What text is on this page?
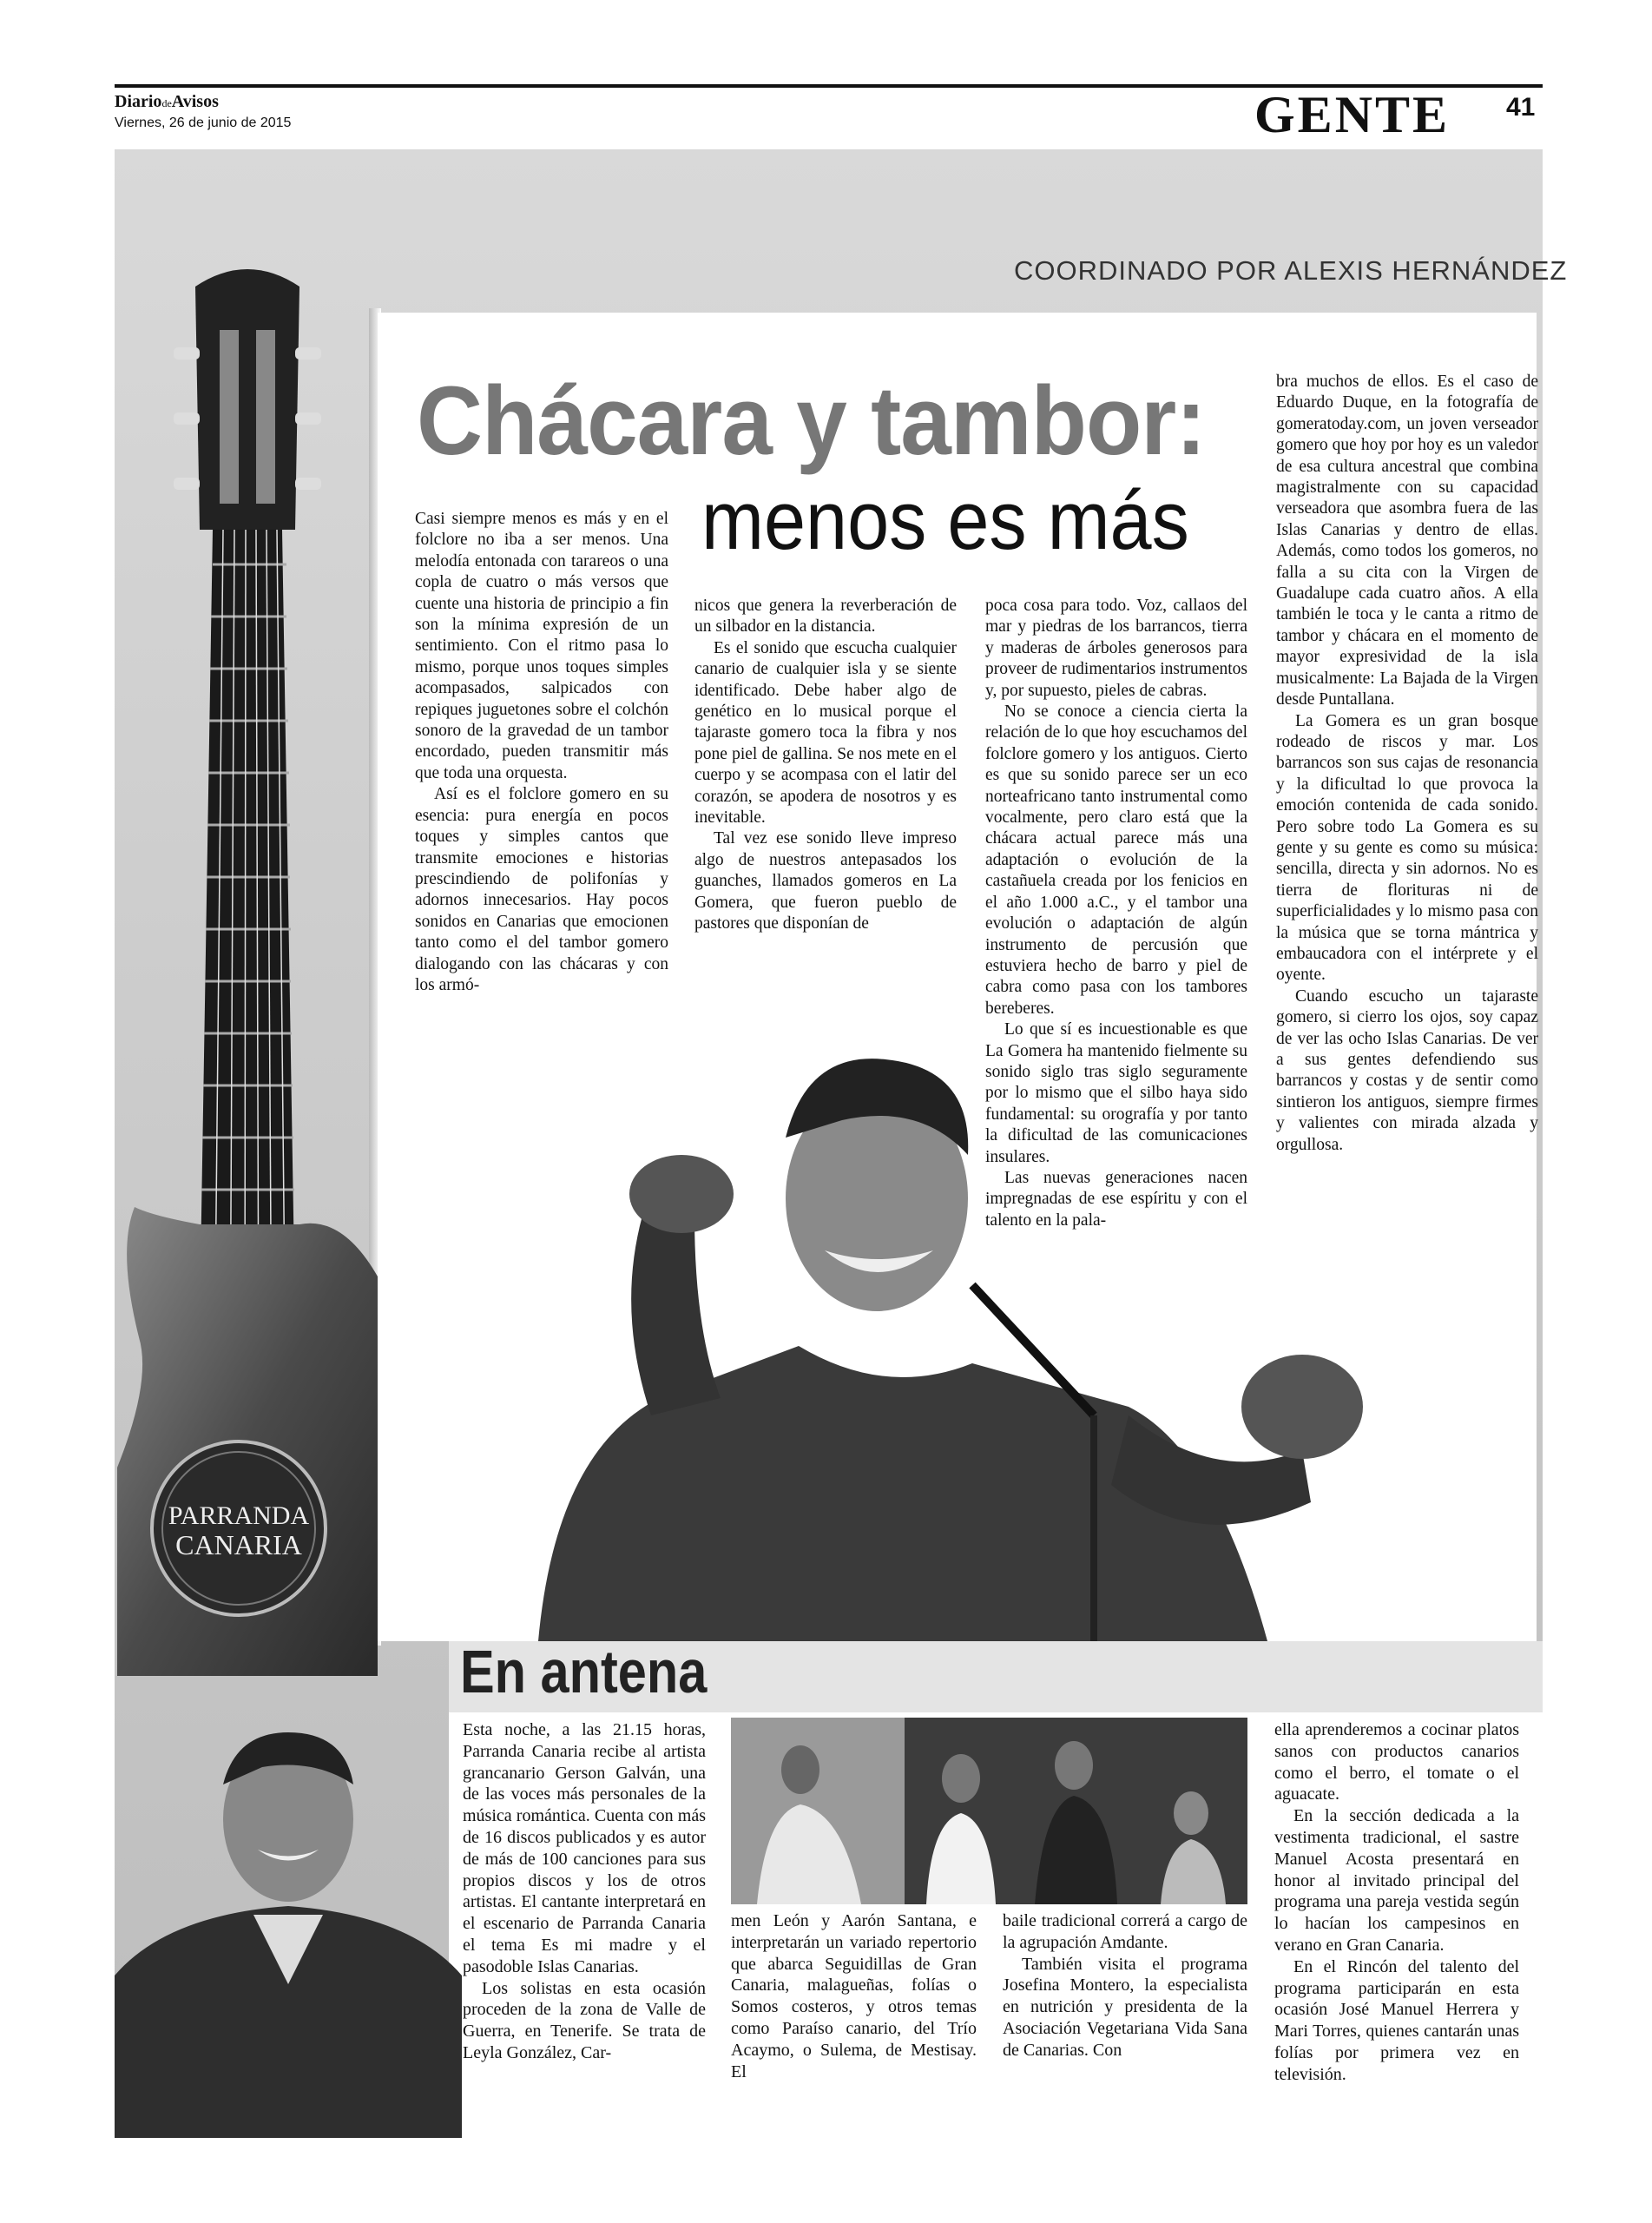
DiariodeAvisos
Viernes, 26 de junio de 2015	GENTE 41
COORDINADO POR ALEXIS HERNÁNDEZ
PARRANDA
CANARIA
Chácara y tambor:
menos es más

Casi siempre menos es más y en el folclore no iba a ser menos. Una melodía entonada con tarareos o una copla de cuatro o más versos que cuente una historia de principio a fin son la mínima expresión de un sentimiento. Con el ritmo pasa lo mismo, porque unos toques simples acompasados, salpicados con repiques juguetones sobre el colchón sonoro de la gravedad de un tambor encordado, pueden transmitir más que toda una orquesta.

Así es el folclore gomero en su esencia: pura energía en pocos toques y simples cantos que transmite emociones e historias prescindiendo de polifonías y adornos innecesarios. Hay pocos sonidos en Canarias que emocionen tanto como el del tambor gomero dialogando con las chácaras y con los armó-

nicos que genera la reverberación de un silbador en la distancia.

Es el sonido que escucha cualquier canario de cualquier isla y se siente identificado. Debe haber algo de genético en lo musical porque el tajaraste gomero toca la fibra y nos pone piel de gallina. Se nos mete en el cuerpo y se acompasa con el latir del corazón, se apodera de nosotros y es inevitable.

Tal vez ese sonido lleve impreso algo de nuestros antepasados los guanches, llamados gomeros en La Gomera, que fueron pueblo de pastores que disponían de

poca cosa para todo. Voz, callaos del mar y piedras de los barrancos, tierra y maderas de árboles generosos para proveer de rudimentarios instrumentos y, por supuesto, pieles de cabras.

No se conoce a ciencia cierta la relación de lo que hoy escuchamos del folclore gomero y los antiguos. Cierto es que su sonido parece ser un eco norteafricano tanto instrumental como vocalmente, pero claro está que la chácara actual parece más una adaptación o evolución de la castañuela creada por los fenicios en el año 1.000 a.C., y el tambor una evolución o adaptación de algún instrumento de percusión que estuviera hecho de barro y piel de cabra como pasa con los tambores bereberes.

Lo que sí es incuestionable es que La Gomera ha mantenido fielmente su sonido siglo tras siglo seguramente por lo mismo que el silbo haya sido fundamental: su orografía y por tanto la dificultad de las comunicaciones insulares.

Las nuevas generaciones nacen impregnadas de ese espíritu y con el talento en la pala-

bra muchos de ellos. Es el caso de Eduardo Duque, en la fotografía de gomeratoday.com, un joven verseador gomero que hoy por hoy es un valedor de esa cultura ancestral que combina magistralmente con su capacidad verseadora que asombra fuera de las Islas Canarias y dentro de ellas. Además, como todos los gomeros, no falla a su cita con la Virgen de Guadalupe cada cuatro años. A ella también le toca y le canta a ritmo de tambor y chácara en el momento de mayor expresividad de la isla musicalmente: La Bajada de la Virgen desde Puntallana.

La Gomera es un gran bosque rodeado de riscos y mar. Los barrancos son sus cajas de resonancia y la dificultad lo que provoca la emoción contenida de cada sonido. Pero sobre todo La Gomera es su gente y su gente es como su música: sencilla, directa y sin adornos. No es tierra de florituras ni de superficialidades y lo mismo pasa con la música que se torna mántrica y embaucadora con el intérprete y el oyente.

Cuando escucho un tajaraste gomero, si cierro los ojos, soy capaz de ver las ocho Islas Canarias. De ver a sus gentes defendiendo sus barrancos y costas y de sentir como sintieron los antiguos, siempre firmes y valientes con mirada alzada y orgullosa.

En antena

Esta noche, a las 21.15 horas, Parranda Canaria recibe al artista grancanario Gerson Galván, una de las voces más personales de la música romántica. Cuenta con más de 16 discos publicados y es autor de más de 100 canciones para sus propios discos y los de otros artistas. El cantante interpretará en el escenario de Parranda Canaria el tema Es mi madre y el pasodoble Islas Canarias.

Los solistas en esta ocasión proceden de la zona de Valle de Guerra, en Tenerife. Se trata de Leyla González, Car-

men León y Aarón Santana, e interpretarán un variado repertorio que abarca Seguidillas de Gran Canaria, malagueñas, folías o Somos costeros, y otros temas como Paraíso canario, del Trío Acaymo, o Sulema, de Mestisay. El

baile tradicional correrá a cargo de la agrupación Amdante.

También visita el programa Josefina Montero, la especialista en nutrición y presidenta de la Asociación Vegetariana Vida Sana de Canarias. Con

ella aprenderemos a cocinar platos sanos con productos canarios como el berro, el tomate o el aguacate.

En la sección dedicada a la vestimenta tradicional, el sastre Manuel Acosta presentará en honor al invitado principal del programa una pareja vestida según lo hacían los campesinos en verano en Gran Canaria.

En el Rincón del talento del programa participarán en esta ocasión José Manuel Herrera y Mari Torres, quienes cantarán unas folías por primera vez en televisión.
